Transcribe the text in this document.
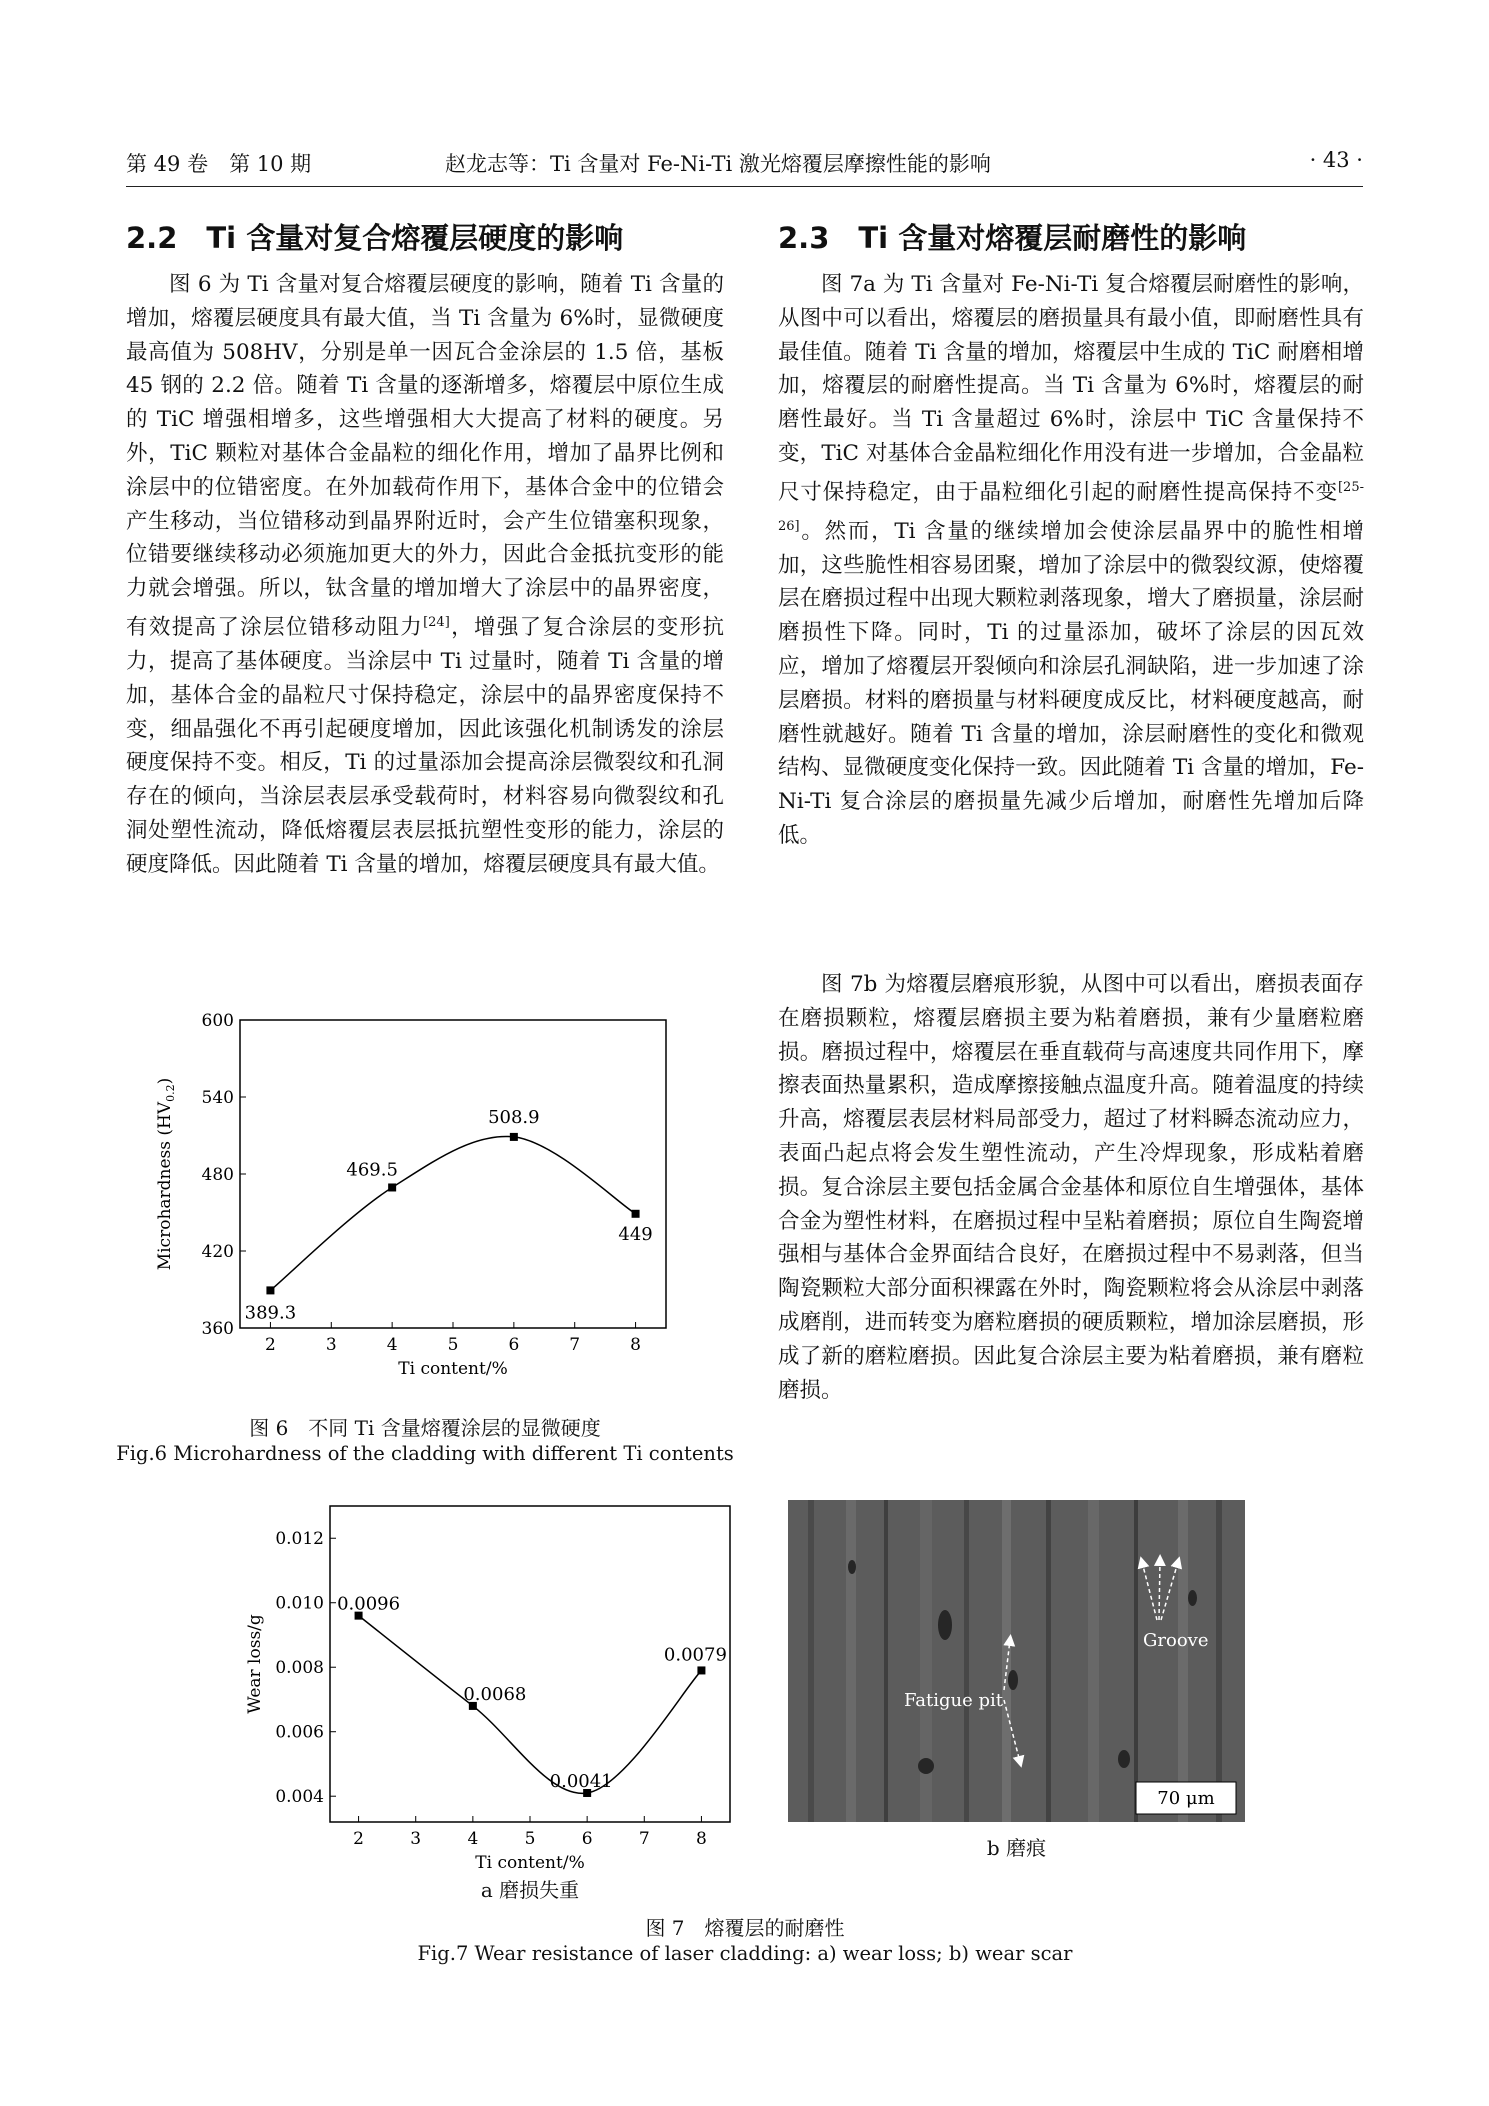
第 49 卷　第 10 期	赵龙志等：Ti 含量对 Fe-Ni-Ti 激光熔覆层摩擦性能的影响	· 43 ·
2.2　Ti 含量对复合熔覆层硬度的影响	2.3　Ti 含量对熔覆层耐磨性的影响

图 6 为 Ti 含量对复合熔覆层硬度的影响，随着 Ti 含量的增加，熔覆层硬度具有最大值，当 Ti 含量为 6%时，显微硬度最高值为 508HV，分别是单一因瓦合金涂层的 1.5 倍，基板 45 钢的 2.2 倍。随着 Ti 含量的逐渐增多，熔覆层中原位生成的 TiC 增强相增多，这些增强相大大提高了材料的硬度。另外，TiC 颗粒对基体合金晶粒的细化作用，增加了晶界比例和涂层中的位错密度。在外加载荷作用下，基体合金中的位错会产生移动，当位错移动到晶界附近时，会产生位错塞积现象，位错要继续移动必须施加更大的外力，因此合金抵抗变形的能力就会增强。所以，钛含量的增加增大了涂层中的晶界密度，有效提高了涂层位错移动阻力[24]，增强了复合涂层的变形抗力，提高了基体硬度。当涂层中 Ti 过量时，随着 Ti 含量的增加，基体合金的晶粒尺寸保持稳定，涂层中的晶界密度保持不变，细晶强化不再引起硬度增加，因此该强化机制诱发的涂层硬度保持不变。相反，Ti 的过量添加会提高涂层微裂纹和孔洞存在的倾向，当涂层表层承受载荷时，材料容易向微裂纹和孔洞处塑性流动，降低熔覆层表层抵抗塑性变形的能力，涂层的硬度降低。因此随着 Ti 含量的增加，熔覆层硬度具有最大值。

图 7a 为 Ti 含量对 Fe-Ni-Ti 复合熔覆层耐磨性的影响，从图中可以看出，熔覆层的磨损量具有最小值，即耐磨性具有最佳值。随着 Ti 含量的增加，熔覆层中生成的 TiC 耐磨相增加，熔覆层的耐磨性提高。当 Ti 含量为 6%时，熔覆层的耐磨性最好。当 Ti 含量超过 6%时，涂层中 TiC 含量保持不变，TiC 对基体合金晶粒细化作用没有进一步增加，合金晶粒尺寸保持稳定，由于晶粒细化引起的耐磨性提高保持不变[25-26]。然而，Ti 含量的继续增加会使涂层晶界中的脆性相增加，这些脆性相容易团聚，增加了涂层中的微裂纹源，使熔覆层在磨损过程中出现大颗粒剥落现象，增大了磨损量，涂层耐磨损性下降。同时，Ti 的过量添加，破坏了涂层的因瓦效应，增加了熔覆层开裂倾向和涂层孔洞缺陷，进一步加速了涂层磨损。材料的磨损量与材料硬度成反比，材料硬度越高，耐磨性就越好。随着 Ti 含量的增加，涂层耐磨性的变化和微观结构、显微硬度变化保持一致。因此随着 Ti 含量的增加，Fe-Ni-Ti 复合涂层的磨损量先减少后增加，耐磨性先增加后降低。

图 7b 为熔覆层磨痕形貌，从图中可以看出，磨损表面存在磨损颗粒，熔覆层磨损主要为粘着磨损，兼有少量磨粒磨损。磨损过程中，熔覆层在垂直载荷与高速度共同作用下，摩擦表面热量累积，造成摩擦接触点温度升高。随着温度的持续升高，熔覆层表层材料局部受力，超过了材料瞬态流动应力，表面凸起点将会发生塑性流动，产生冷焊现象，形成粘着磨损。复合涂层主要包括金属合金基体和原位自生增强体，基体合金为塑性材料，在磨损过程中呈粘着磨损；原位自生陶瓷增强相与基体合金界面结合良好，在磨损过程中不易剥落，但当陶瓷颗粒大部分面积裸露在外时，陶瓷颗粒将会从涂层中剥落成磨削，进而转变为磨粒磨损的硬质颗粒，增加涂层磨损，形成了新的磨粒磨损。因此复合涂层主要为粘着磨损，兼有磨粒磨损。

2	3	4	5	6	7	8
360
420
480
540
600
Ti content/%
Microhardness $(HV_{0.2})$
389.3
469.5
508.9
449
图 6　不同 Ti 含量熔覆涂层的显微硬度
Fig.6 Microhardness of the cladding with different Ti contents
2	3	4	5	6	7	8
0.004
0.006
0.008
0.010
0.012
Ti content/%
Wear loss/g
0.0096
0.0068
0.0041
0.0079
Groove
Fatigue pit
70 μm
b 磨痕
a 磨损失重
图 7　熔覆层的耐磨性
Fig.7 Wear resistance of laser cladding: a) wear loss; b) wear scar
